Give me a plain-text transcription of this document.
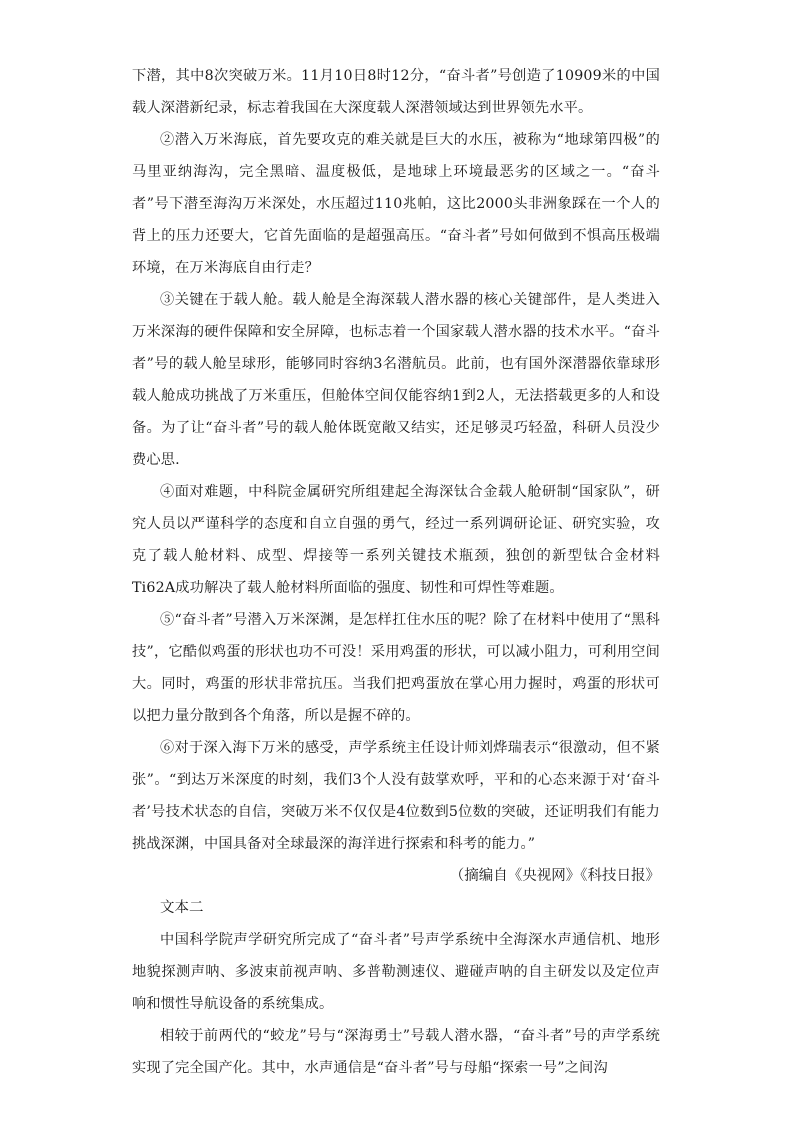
下潜，其中8次突破万米。11月10日8时12分，“奋斗者”号创造了10909米的中国载人深潜新纪录，标志着我国在大深度载人深潜领域达到世界领先水平。

②潜入万米海底，首先要攻克的难关就是巨大的水压，被称为“地球第四极”的马里亚纳海沟，完全黑暗、温度极低，是地球上环境最恶劣的区域之一。“奋斗者”号下潜至海沟万米深处，水压超过110兆帕，这比2000头非洲象踩在一个人的背上的压力还要大，它首先面临的是超强高压。“奋斗者”号如何做到不惧高压极端环境，在万米海底自由行走？

③关键在于载人舱。载人舱是全海深载人潜水器的核心关键部件，是人类进入万米深海的硬件保障和安全屏障，也标志着一个国家载人潜水器的技术水平。“奋斗者”号的载人舱呈球形，能够同时容纳3名潜航员。此前，也有国外深潜器依靠球形载人舱成功挑战了万米重压，但舱体空间仅能容纳1到2人，无法搭载更多的人和设备。为了让“奋斗者”号的载人舱体既宽敞又结实，还足够灵巧轻盈，科研人员没少费心思.

④面对难题，中科院金属研究所组建起全海深钛合金载人舱研制“国家队”，研究人员以严谨科学的态度和自立自强的勇气，经过一系列调研论证、研究实验，攻克了载人舱材料、成型、焊接等一系列关键技术瓶颈，独创的新型钛合金材料Ti62A成功解决了载人舱材料所面临的强度、韧性和可焊性等难题。

⑤“奋斗者”号潜入万米深渊，是怎样扛住水压的呢？除了在材料中使用了“黑科技”，它酷似鸡蛋的形状也功不可没！采用鸡蛋的形状，可以减小阻力，可利用空间大。同时，鸡蛋的形状非常抗压。当我们把鸡蛋放在掌心用力握时，鸡蛋的形状可以把力量分散到各个角落，所以是握不碎的。

⑥对于深入海下万米的感受，声学系统主任设计师刘烨瑞表示“很激动，但不紧张”。“到达万米深度的时刻，我们3个人没有鼓掌欢呼，平和的心态来源于对‘奋斗者’号技术状态的自信，突破万米不仅仅是4位数到5位数的突破，还证明我们有能力挑战深渊，中国具备对全球最深的海洋进行探索和科考的能力。”

（摘编自《央视网》《科技日报》

文本二

中国科学院声学研究所完成了“奋斗者”号声学系统中全海深水声通信机、地形地貌探测声呐、多波束前视声呐、多普勒测速仪、避碰声呐的自主研发以及定位声响和惯性导航设备的系统集成。

相较于前两代的“蛟龙”号与“深海勇士”号载人潜水器，“奋斗者”号的声学系统实现了完全国产化。其中，水声通信是“奋斗者”号与母船“探索一号”之间沟
